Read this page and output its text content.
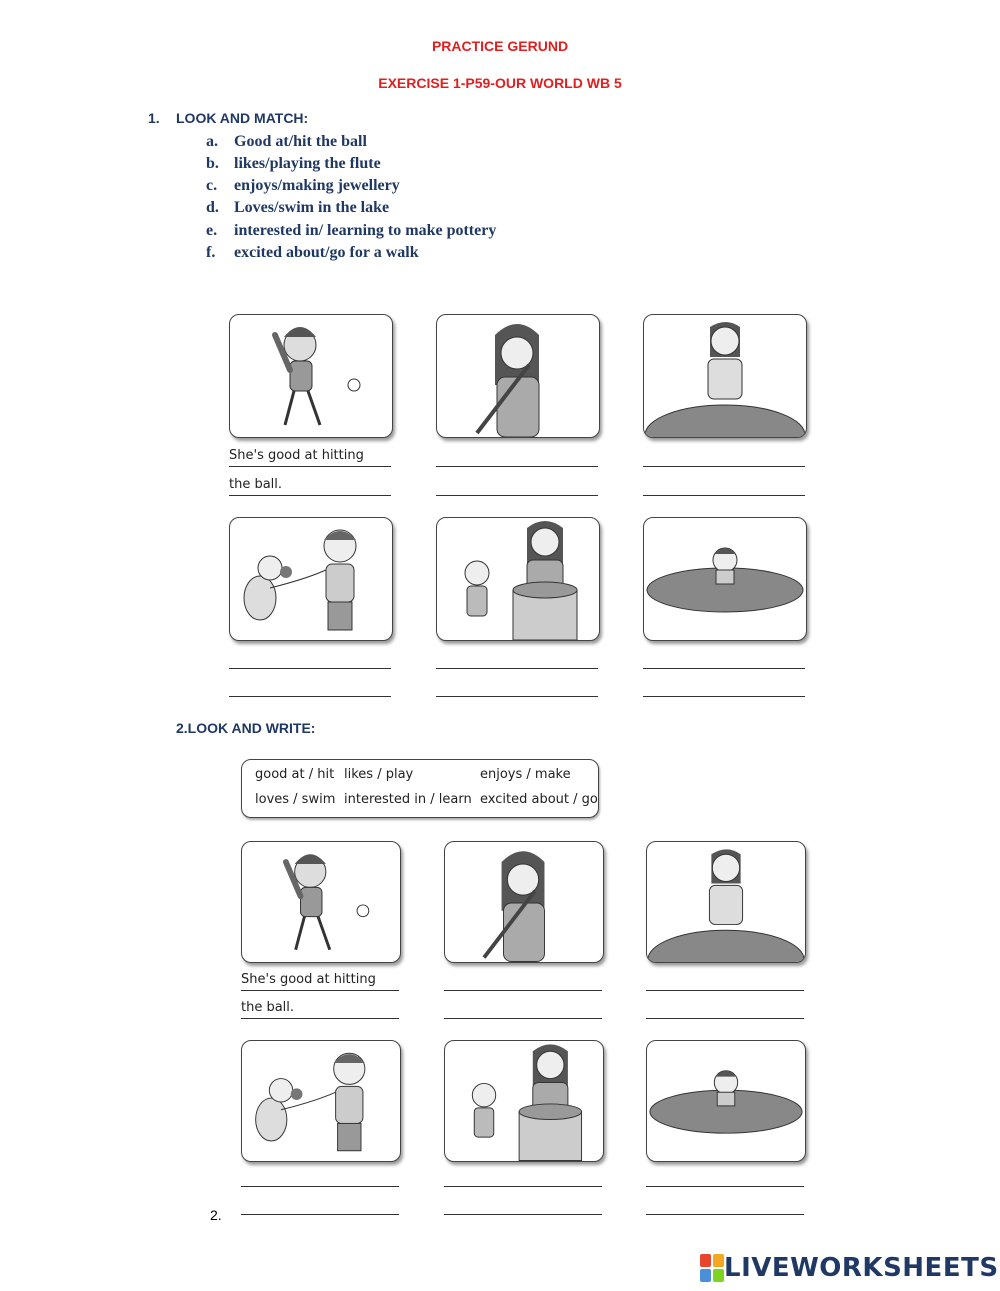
PRACTICE GERUND
EXERCISE 1-P59-OUR WORLD WB 5
1. LOOK AND MATCH:
a. Good at/hit the ball
b. likes/playing the flute
c. enjoys/making jewellery
d. Loves/swim in the lake
e. interested in/ learning to make pottery
f. excited about/go for a walk
She's good at hitting
the ball.
2.LOOK AND WRITE:
good at / hit likes / play	enjoys / make
loves / swim interested in / learn excited about / go
She's good at hitting
the ball.
2.
LIVEWORKSHEETS
